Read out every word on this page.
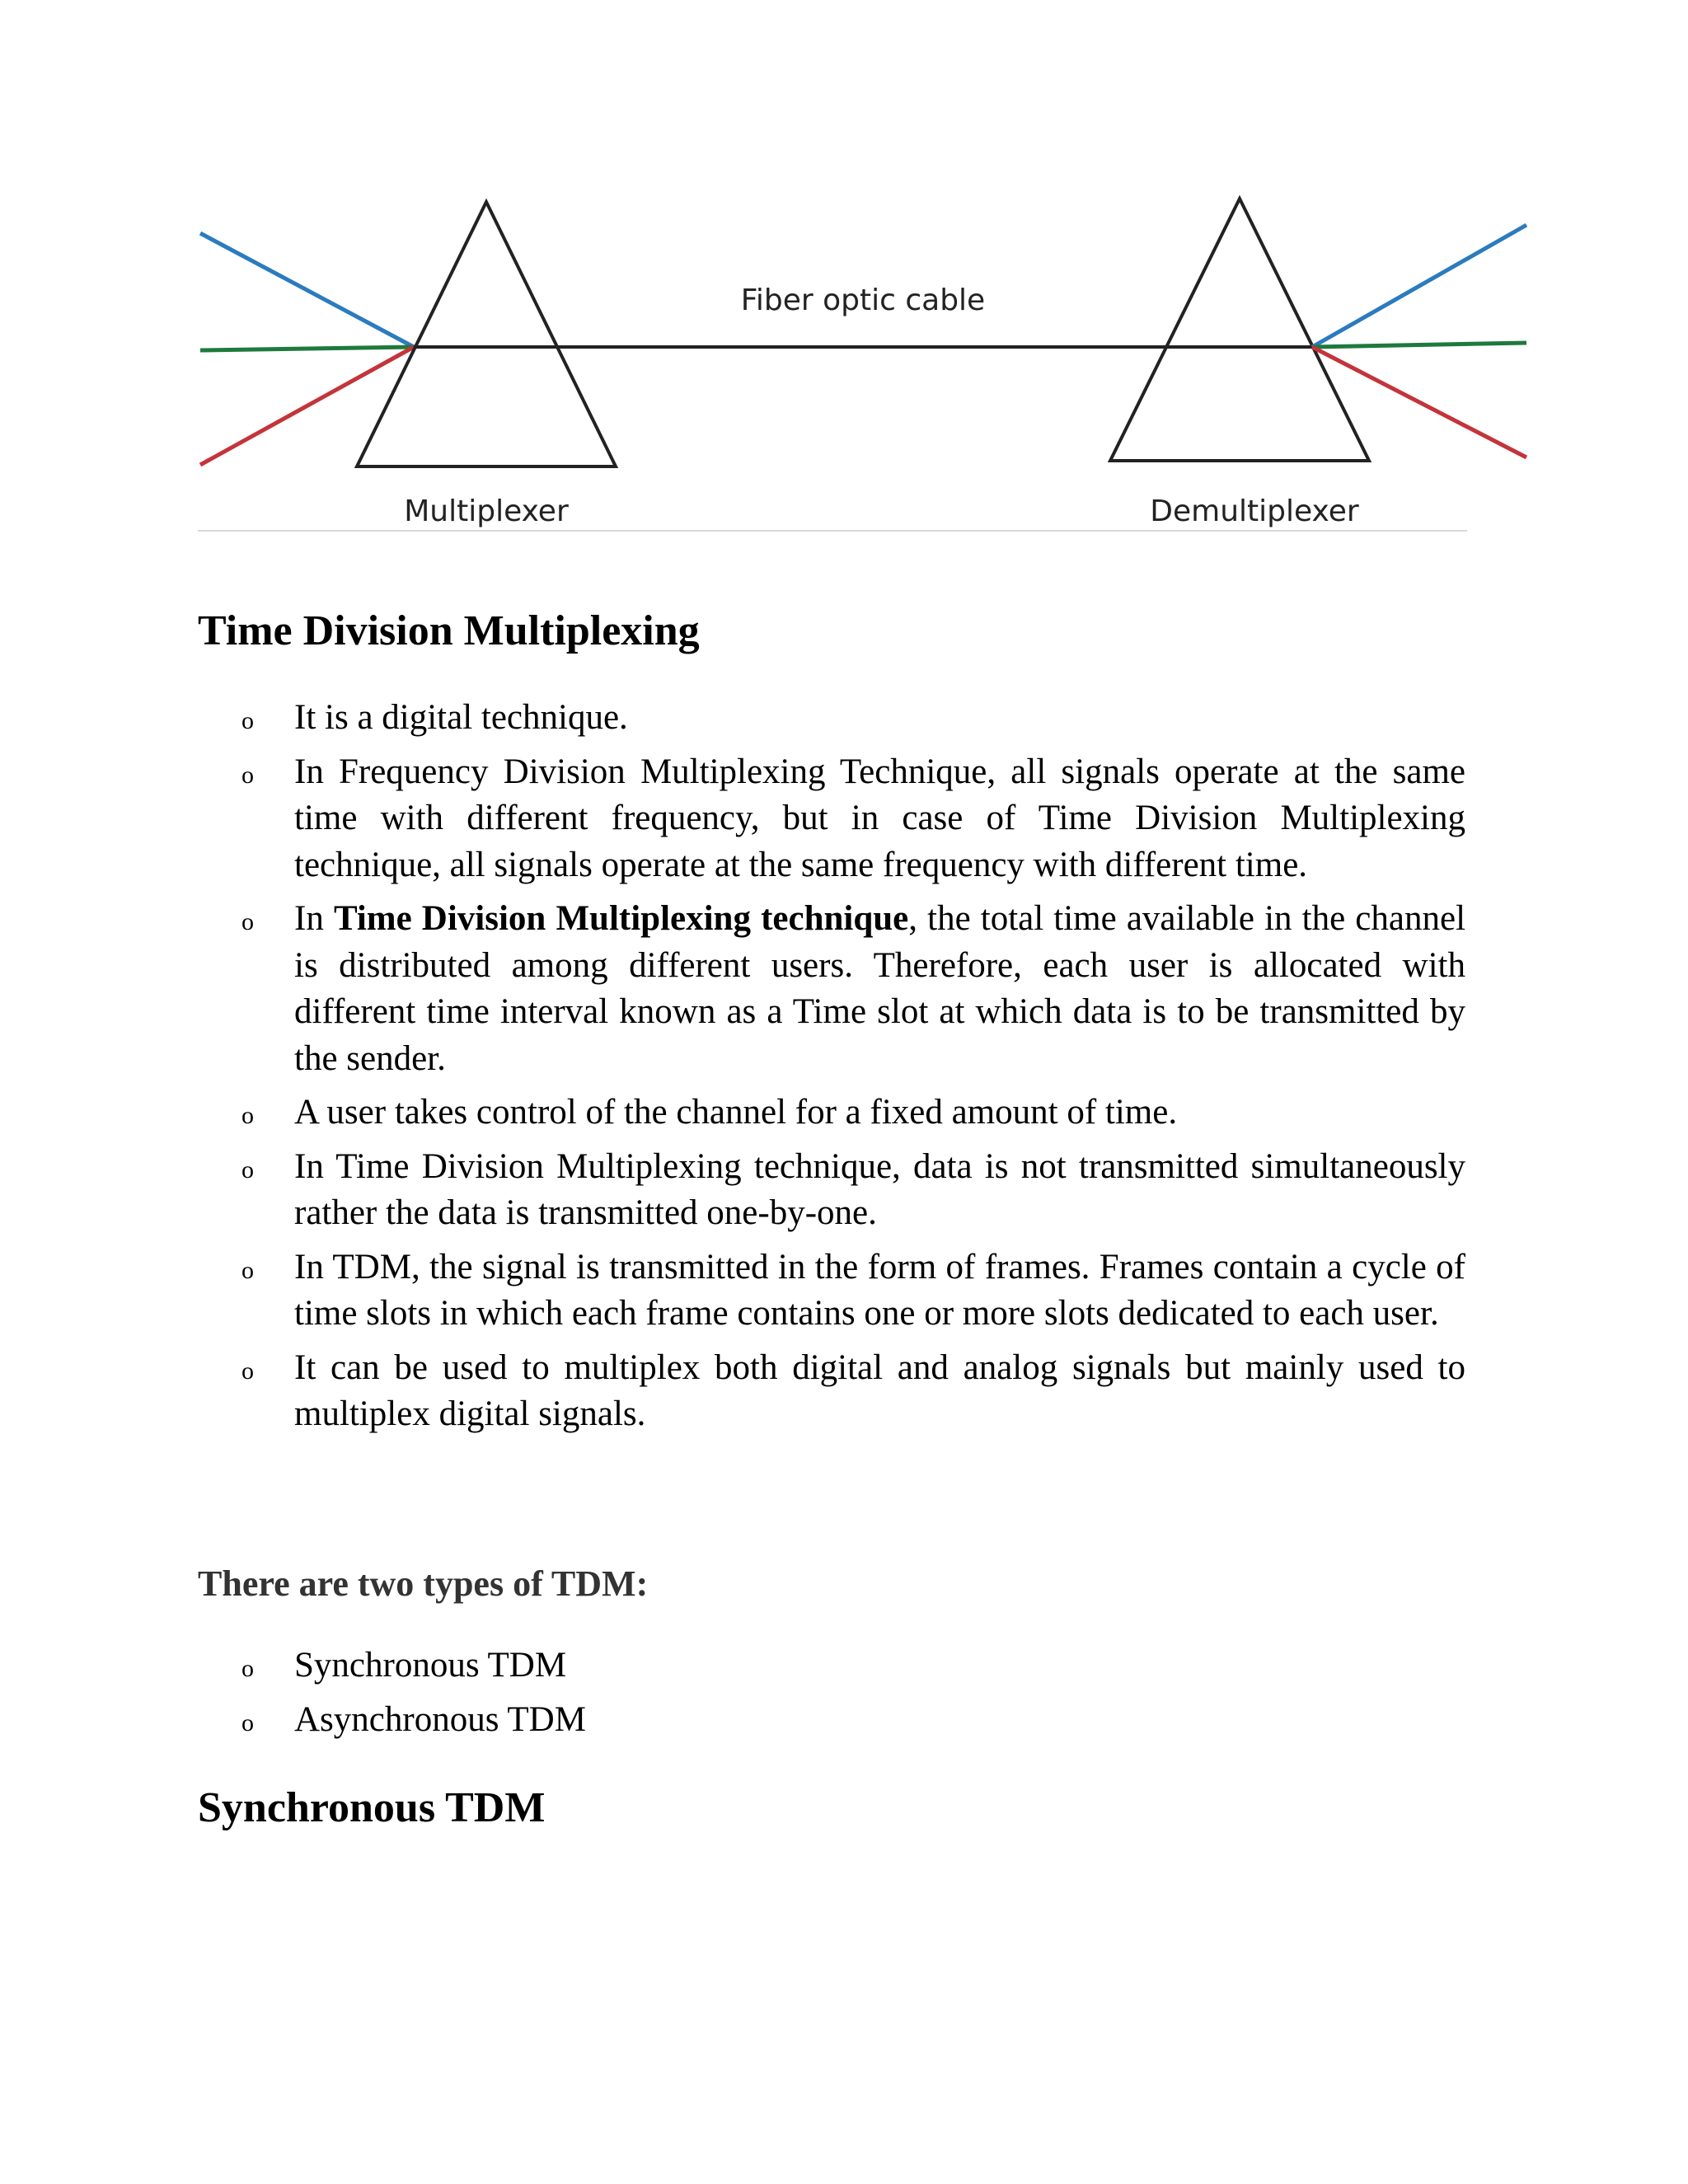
Fiber optic cable
Multiplexer	Demultiplexer
Time Division Multiplexing
o It is a digital technique.
o In Frequency Division Multiplexing Technique, all signals operate at the same time with different frequency, but in case of Time Division Multiplexing technique, all signals operate at the same frequency with different time.
o In Time Division Multiplexing technique, the total time available in the channel is distributed among different users. Therefore, each user is allocated with different time interval known as a Time slot at which data is to be transmitted by the sender.
o A user takes control of the channel for a fixed amount of time.
o In Time Division Multiplexing technique, data is not transmitted simultaneously rather the data is transmitted one-by-one.
o In TDM, the signal is transmitted in the form of frames. Frames contain a cycle of time slots in which each frame contains one or more slots dedicated to each user.
o It can be used to multiplex both digital and analog signals but mainly used to multiplex digital signals.
There are two types of TDM:
o Synchronous TDM
o Asynchronous TDM
Synchronous TDM
